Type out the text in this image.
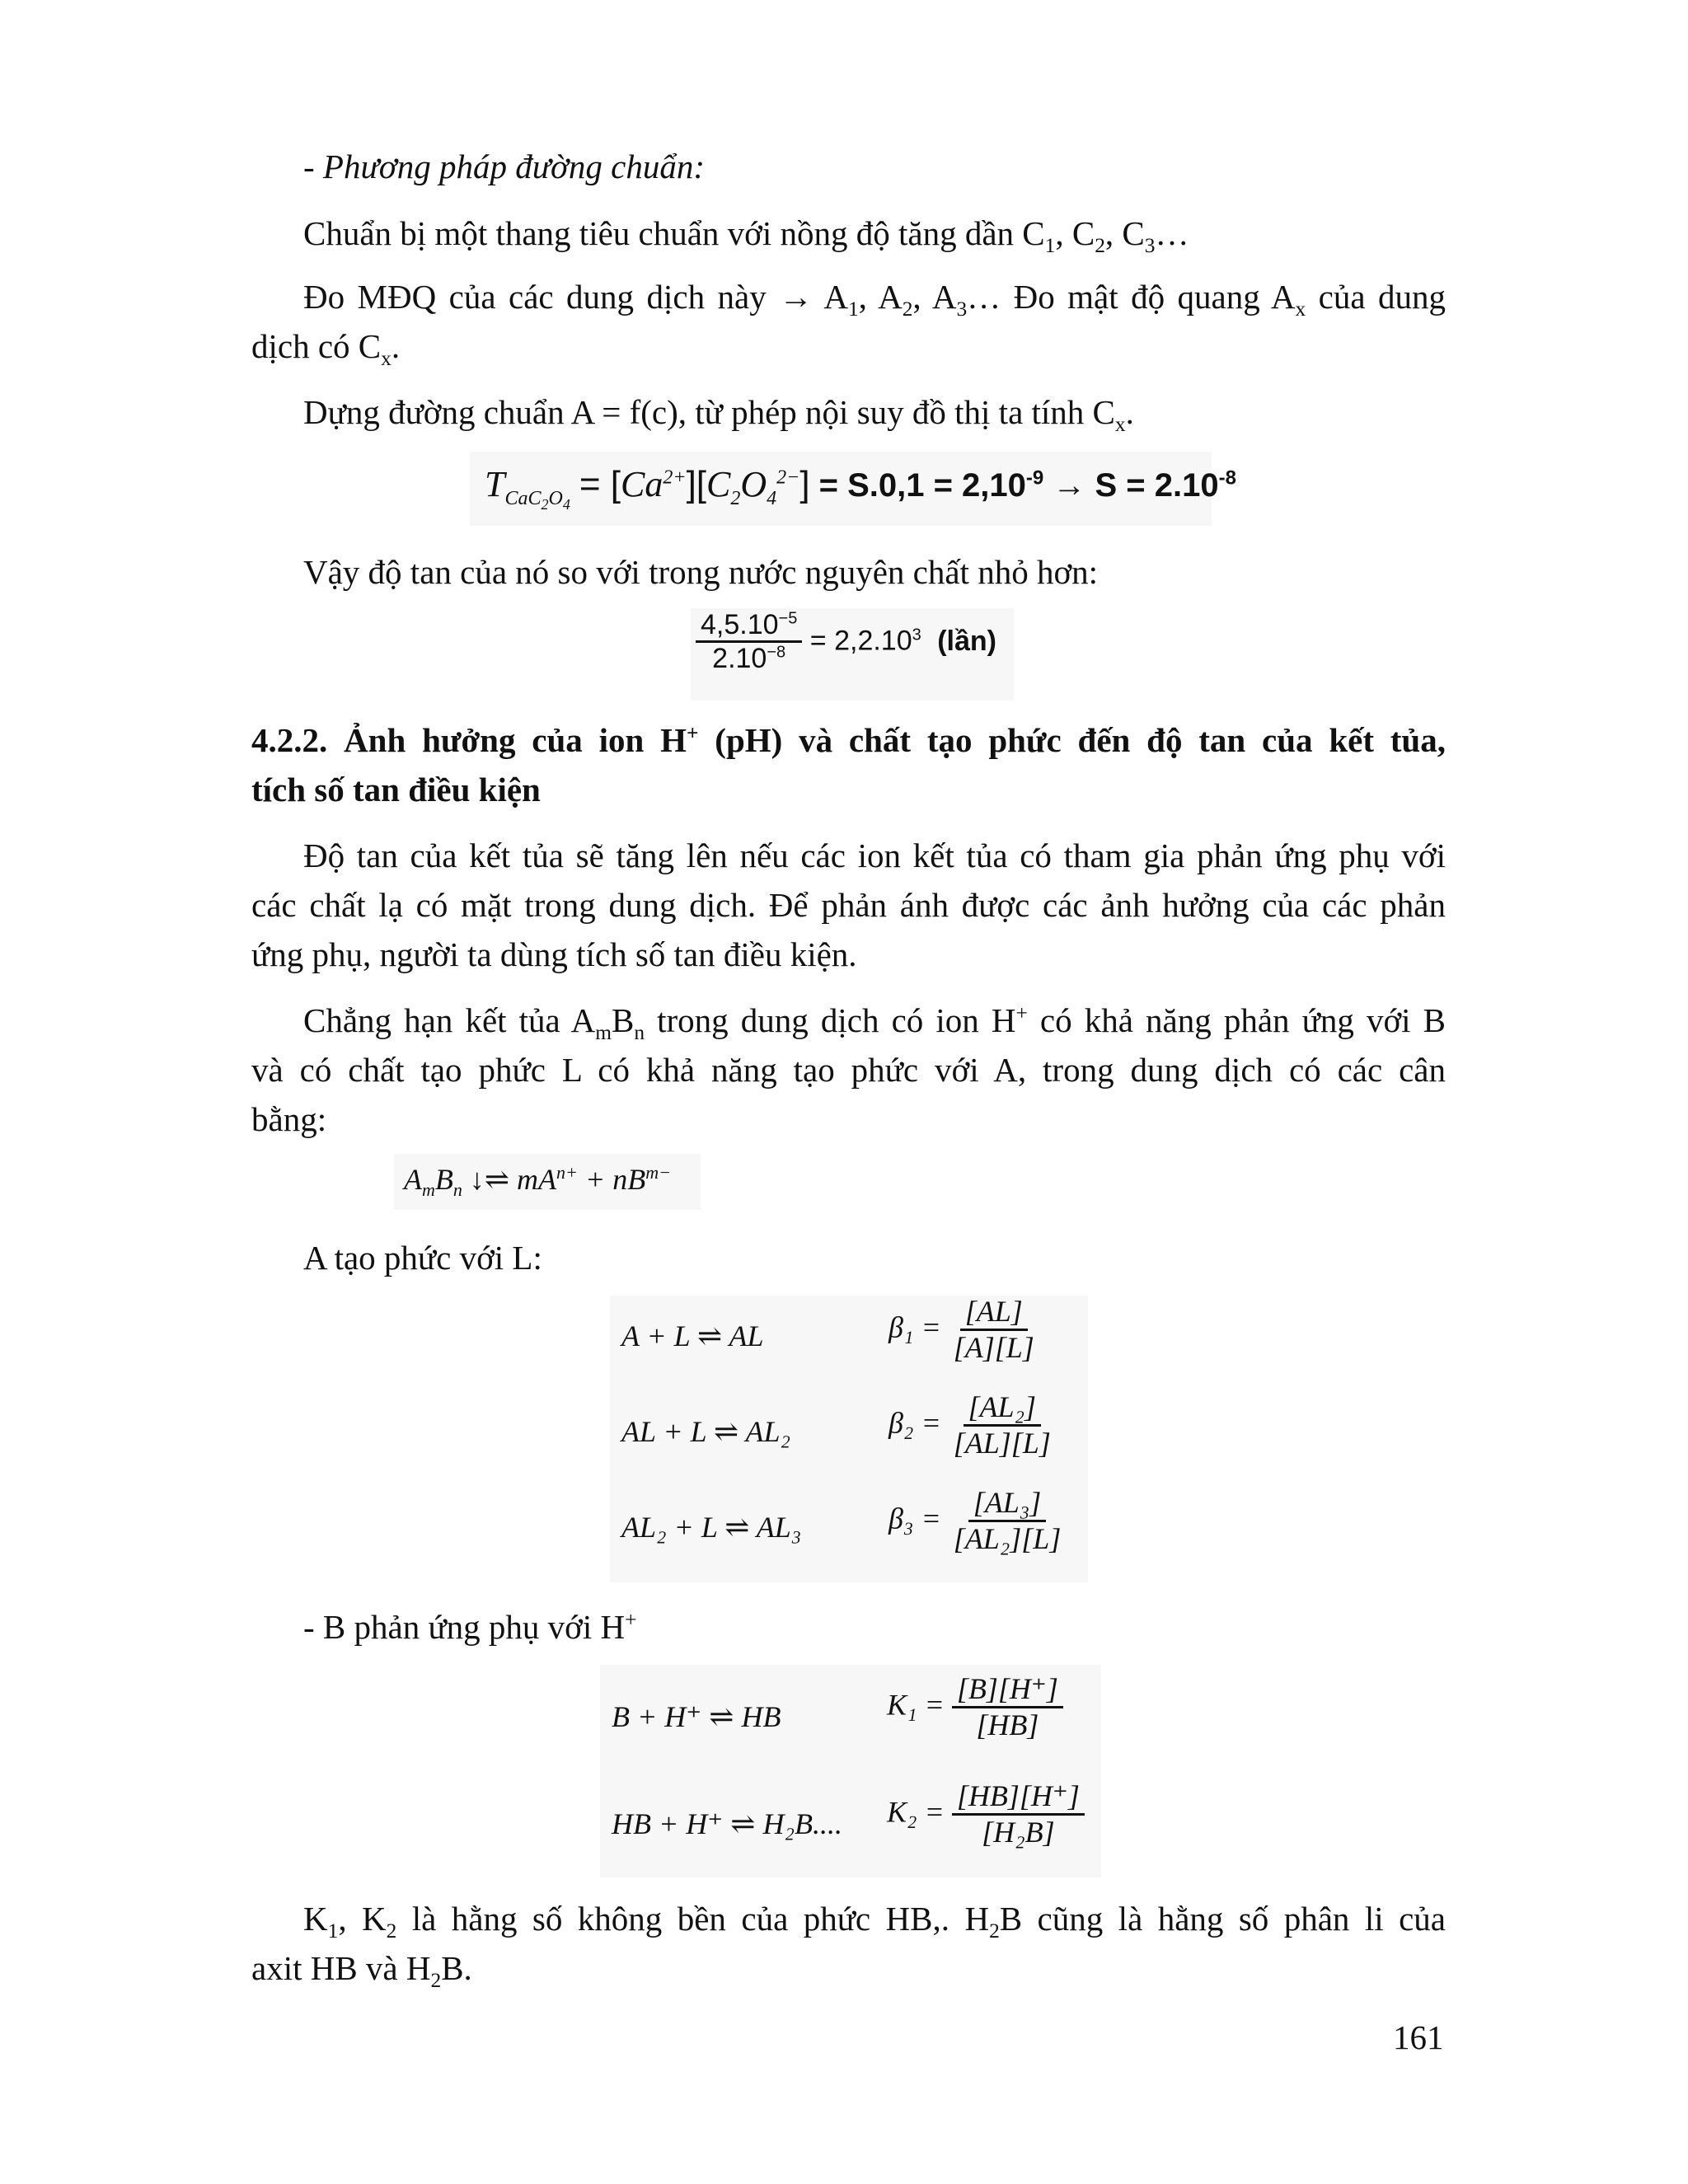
- Phương pháp đường chuẩn:
Chuẩn bị một thang tiêu chuẩn với nồng độ tăng dần $C_1$, $C_2$, $C_3\dots$
Đo MĐQ của các dung dịch này → $A_1$, $A_2$, $A_3\dots$ Đo mật độ quang $A_x$ của dung
dịch có $C_x$.
Dựng đường chuẩn A = f(c), từ phép nội suy đồ thị ta tính $C_x$.
$T_{CaC_2O_4} = [Ca^{2+}][C_2O_4^{2-}] = S.0,1 = 2,10^{-9} \to S = 2.10^{-8}$
Vậy độ tan của nó so với trong nước nguyên chất nhỏ hơn:
$\frac{4,5.10^{-5}}{2.10^{-8}} = 2,2.10^3$ (lần)
4.2.2. Ảnh hưởng của ion H+ (pH) và chất tạo phức đến độ tan của kết tủa,
tích số tan điều kiện
Độ tan của kết tủa sẽ tăng lên nếu các ion kết tủa có tham gia phản ứng phụ với
các chất lạ có mặt trong dung dịch. Để phản ánh được các ảnh hưởng của các phản
ứng phụ, người ta dùng tích số tan điều kiện.
Chẳng hạn kết tủa $A_mB_n$ trong dung dịch có ion H+ có khả năng phản ứng với B
và có chất tạo phức L có khả năng tạo phức với A, trong dung dịch có các cân
bằng:
$A_mB_n$ ↓⇌ $mA^{n+} + nB^{m-}$
A tạo phức với L:
A + L ⇌ AL	$\beta_1 = \frac{[AL]}{[A][L]}$
AL + L ⇌ AL₂	$\beta_2 = \frac{\text{[AL₂]}}{[AL][L]}$
AL₂ + L ⇌ AL₃	$\beta_3 = \frac{\text{[AL₃]}}{\text{[AL₂][L]}}$
- B phản ứng phụ với H+
B + H⁺ ⇌ HB	$K_1 = \frac{[B][H^+]}{[HB]}$
HB + H⁺ ⇌ H₂B.... $K_2 = \frac{[HB][H^+]}{\text{[H₂B]}}$
$K_1$, $K_2$ là hằng số không bền của phức HB,. $H_2B$ cũng là hằng số phân li của
axit HB và $H_2B$.
161
